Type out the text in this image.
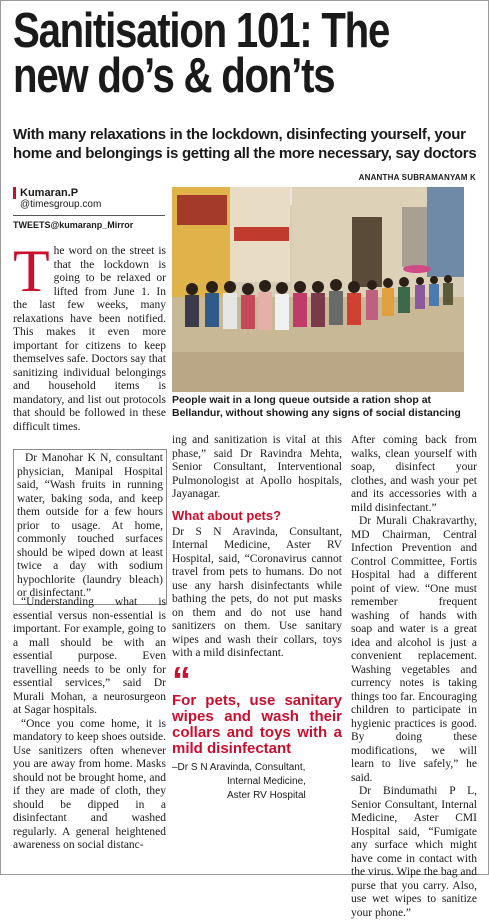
Sanitisation 101: The
new do’s & don’ts
With many relaxations in the lockdown, disinfecting yourself, your home and belongings is getting all the more necessary, say doctors
ANANTHA SUBRAMANYAM K
Kumaran.P
@timesgroup.com
TWEETS@kumaranp_Mirror
The word on the street is that the lockdown is going to be relaxed or lifted from June 1. In the last few weeks, many relaxations have been notified. This makes it even more important for citizens to keep themselves safe. Doctors say that sanitizing individual belongings and household items is mandatory, and list out protocols that should be followed in these difficult times.
Dr Manohar K N, consultant physician, Manipal Hospital said, “Wash fruits in running water, baking soda, and keep them outside for a few hours prior to usage. At home, commonly touched surfaces should be wiped down at least twice a day with sodium hypochlorite (laundry bleach) or disinfectant.”

“Understanding what is essential versus non-essential is important. For example, going to a mall should be with an essential purpose. Even travelling needs to be only for essential services,” said Dr Murali Mohan, a neurosurgeon at Sagar hospitals.

“Once you come home, it is mandatory to keep shoes outside. Use sanitizers often whenever you are away from home. Masks should not be brought home, and if they are made of cloth, they should be dipped in a disinfectant and washed regularly. A general heightened awareness on social distanc-

People wait in a long queue outside a ration shop at Bellandur, without showing any signs of social distancing

ing and sanitization is vital at this phase,” said Dr Ravindra Mehta, Senior Consultant, Interventional Pulmonologist at Apollo hospitals, Jayanagar.

What about pets?

Dr S N Aravinda, Consultant, Internal Medicine, Aster RV Hospital, said, “Coronavirus cannot travel from pets to humans. Do not use any harsh disinfectants while bathing the pets, do not put masks on them and do not use hand sanitizers on them. Use sanitary wipes and wash their collars, toys with a mild disinfectant.

“
For pets, use sanitary wipes and wash their collars and toys with a mild disinfectant
–Dr S N Aravinda, Consultant,
Internal Medicine,
Aster RV Hospital

After coming back from walks, clean yourself with soap, disinfect your clothes, and wash your pet and its accessories with a mild disinfectant.”

Dr Murali Chakravarthy, MD Chairman, Central Infection Prevention and Control Committee, Fortis Hospital had a different point of view. “One must remember frequent washing of hands with soap and water is a great idea and alcohol is just a convenient replacement. Washing vegetables and currency notes is taking things too far. Encouraging children to participate in hygienic practices is good. By doing these modifications, we will learn to live safely,” he said.

Dr Bindumathi P L, Senior Consultant, Internal Medicine, Aster CMI Hospital said, “Fumigate any surface which might have come in contact with the virus. Wipe the bag and purse that you carry. Also, use wet wipes to sanitize your phone.”
